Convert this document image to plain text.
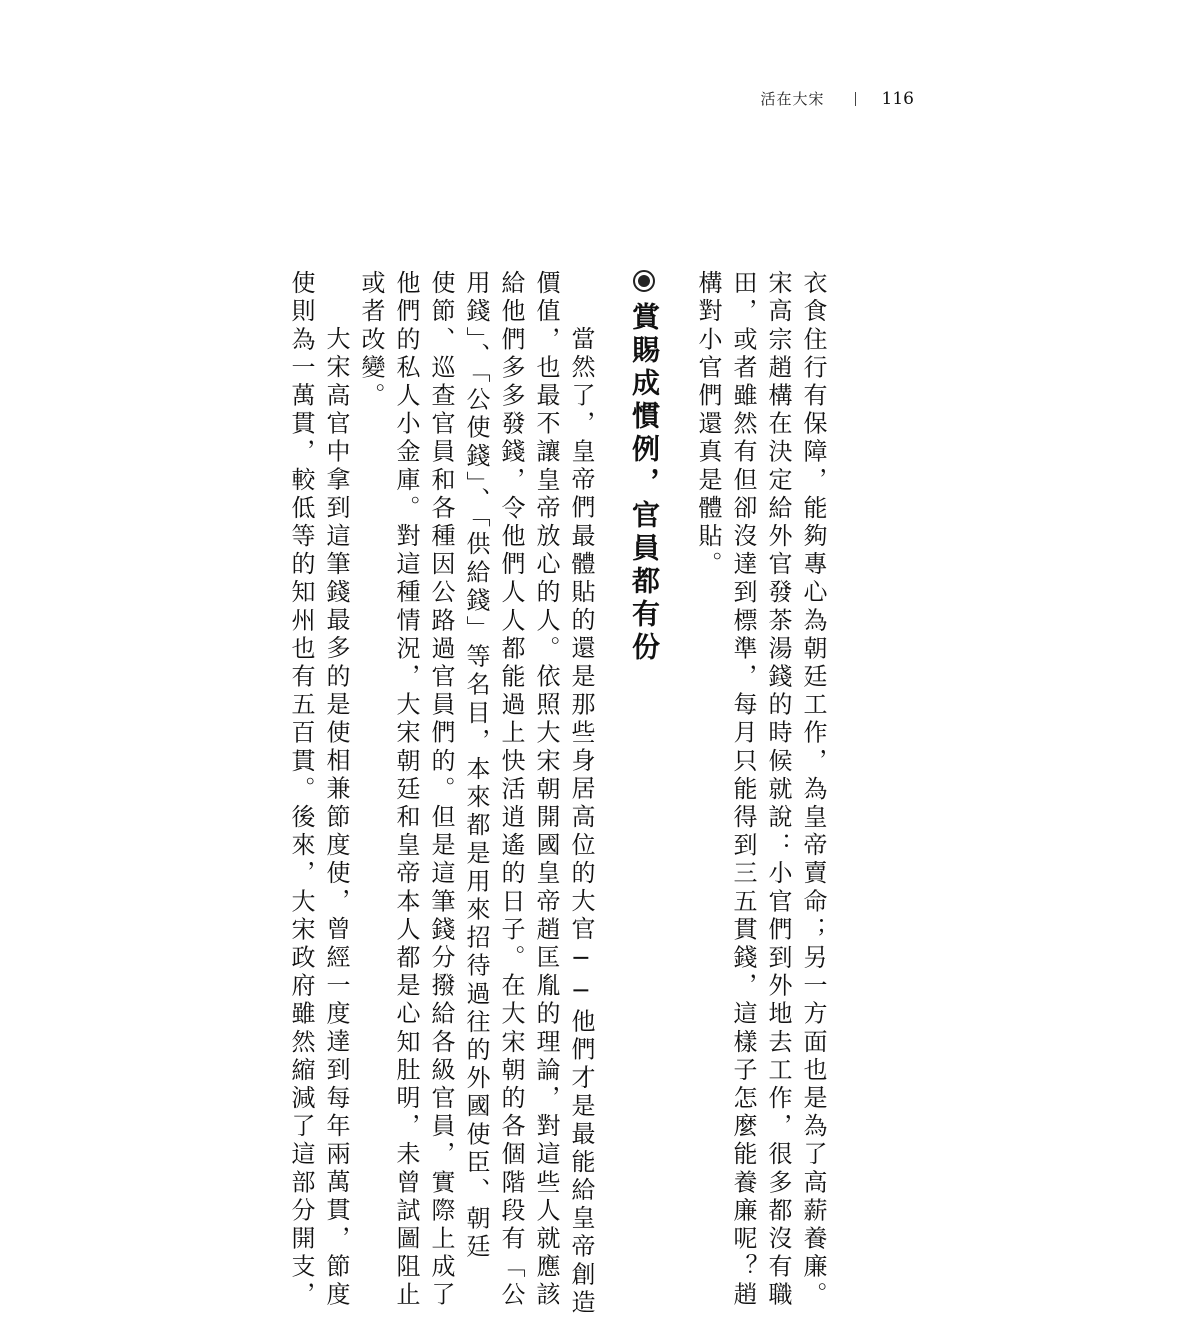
活在大宋	116
衣食住行有保障，能夠專心為朝廷工作，為皇帝賣命；另一方面也是為了高薪養廉。
宋高宗趙構在決定給外官發茶湯錢的時候就說：小官們到外地去工作，很多都沒有職
田，或者雖然有但卻沒達到標準，每月只能得到三五貫錢，這樣子怎麼能養廉呢？趙
構對小官們還真是體貼。
賞賜成慣例，官員都有份
當然了，皇帝們最體貼的還是那些身居高位的大官──他們才是最能給皇帝創造
價值，也最不讓皇帝放心的人。依照大宋朝開國皇帝趙匡胤的理論，對這些人就應該
給他們多多發錢，令他們人人都能過上快活逍遙的日子。在大宋朝的各個階段有「公
用錢」、「公使錢」、「供給錢」等名目，本來都是用來招待過往的外國使臣、朝廷
使節、巡查官員和各種因公路過官員們的。但是這筆錢分撥給各級官員，實際上成了
他們的私人小金庫。對這種情況，大宋朝廷和皇帝本人都是心知肚明，未曾試圖阻止
或者改變。
大宋高官中拿到這筆錢最多的是使相兼節度使，曾經一度達到每年兩萬貫，節度
使則為一萬貫，較低等的知州也有五百貫。後來，大宋政府雖然縮減了這部分開支，
